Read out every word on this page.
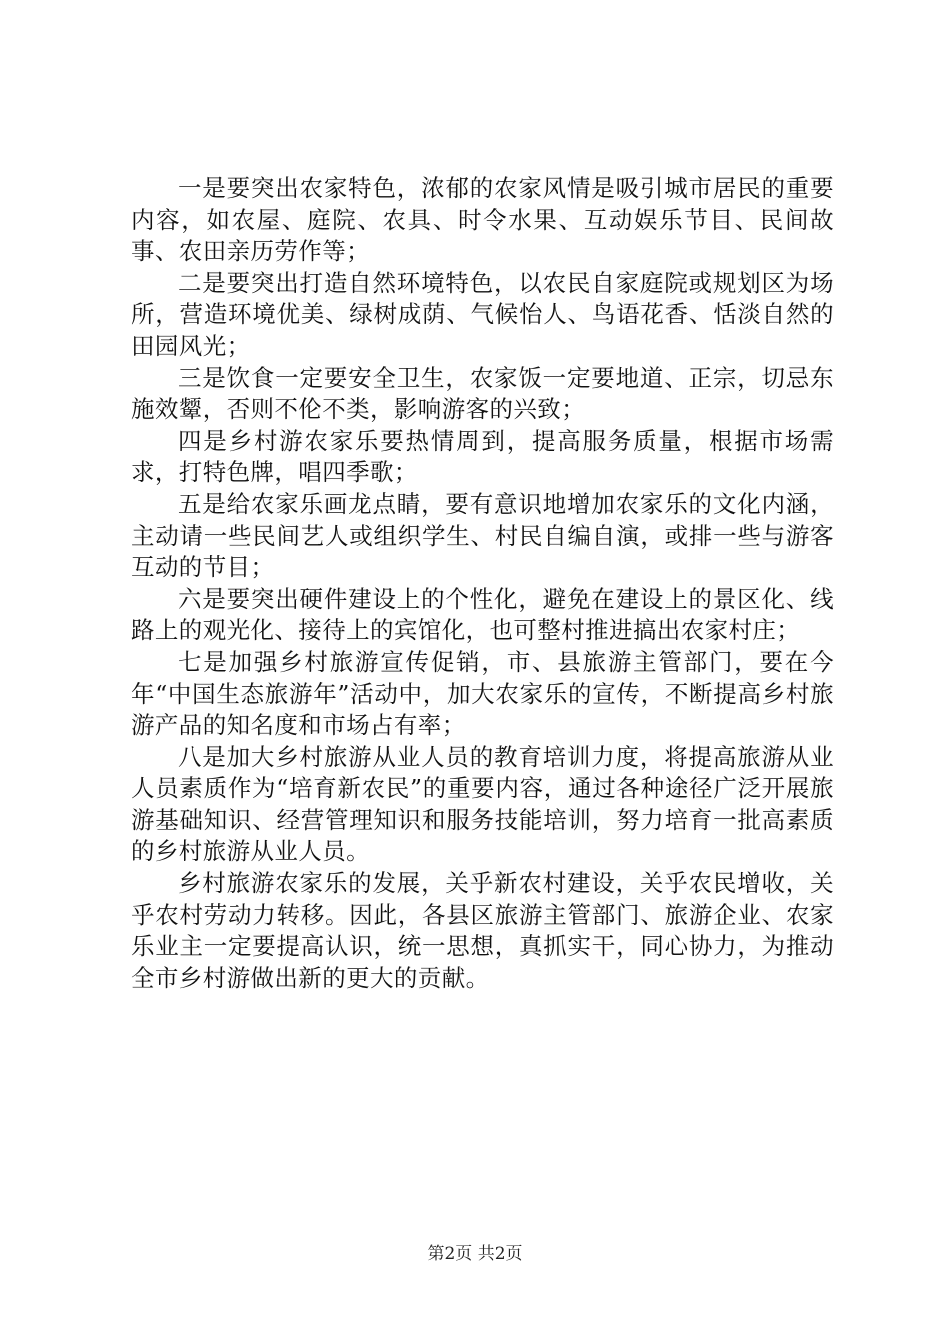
一是要突出农家特色，浓郁的农家风情是吸引城市居民的重要内容，如农屋、庭院、农具、时令水果、互动娱乐节目、民间故事、农田亲历劳作等；

二是要突出打造自然环境特色，以农民自家庭院或规划区为场所，营造环境优美、绿树成荫、气候怡人、鸟语花香、恬淡自然的田园风光；

三是饮食一定要安全卫生，农家饭一定要地道、正宗，切忌东施效颦，否则不伦不类，影响游客的兴致；

四是乡村游农家乐要热情周到，提高服务质量，根据市场需求，打特色牌，唱四季歌；

五是给农家乐画龙点睛，要有意识地增加农家乐的文化内涵，主动请一些民间艺人或组织学生、村民自编自演，或排一些与游客互动的节目；

六是要突出硬件建设上的个性化，避免在建设上的景区化、线路上的观光化、接待上的宾馆化，也可整村推进搞出农家村庄；

七是加强乡村旅游宣传促销，市、县旅游主管部门，要在今年“中国生态旅游年”活动中，加大农家乐的宣传，不断提高乡村旅游产品的知名度和市场占有率；

八是加大乡村旅游从业人员的教育培训力度，将提高旅游从业人员素质作为“培育新农民”的重要内容，通过各种途径广泛开展旅游基础知识、经营管理知识和服务技能培训，努力培育一批高素质的乡村旅游从业人员。

乡村旅游农家乐的发展，关乎新农村建设，关乎农民增收，关乎农村劳动力转移。因此，各县区旅游主管部门、旅游企业、农家乐业主一定要提高认识，统一思想，真抓实干，同心协力，为推动全市乡村游做出新的更大的贡献。

第2页 共2页
